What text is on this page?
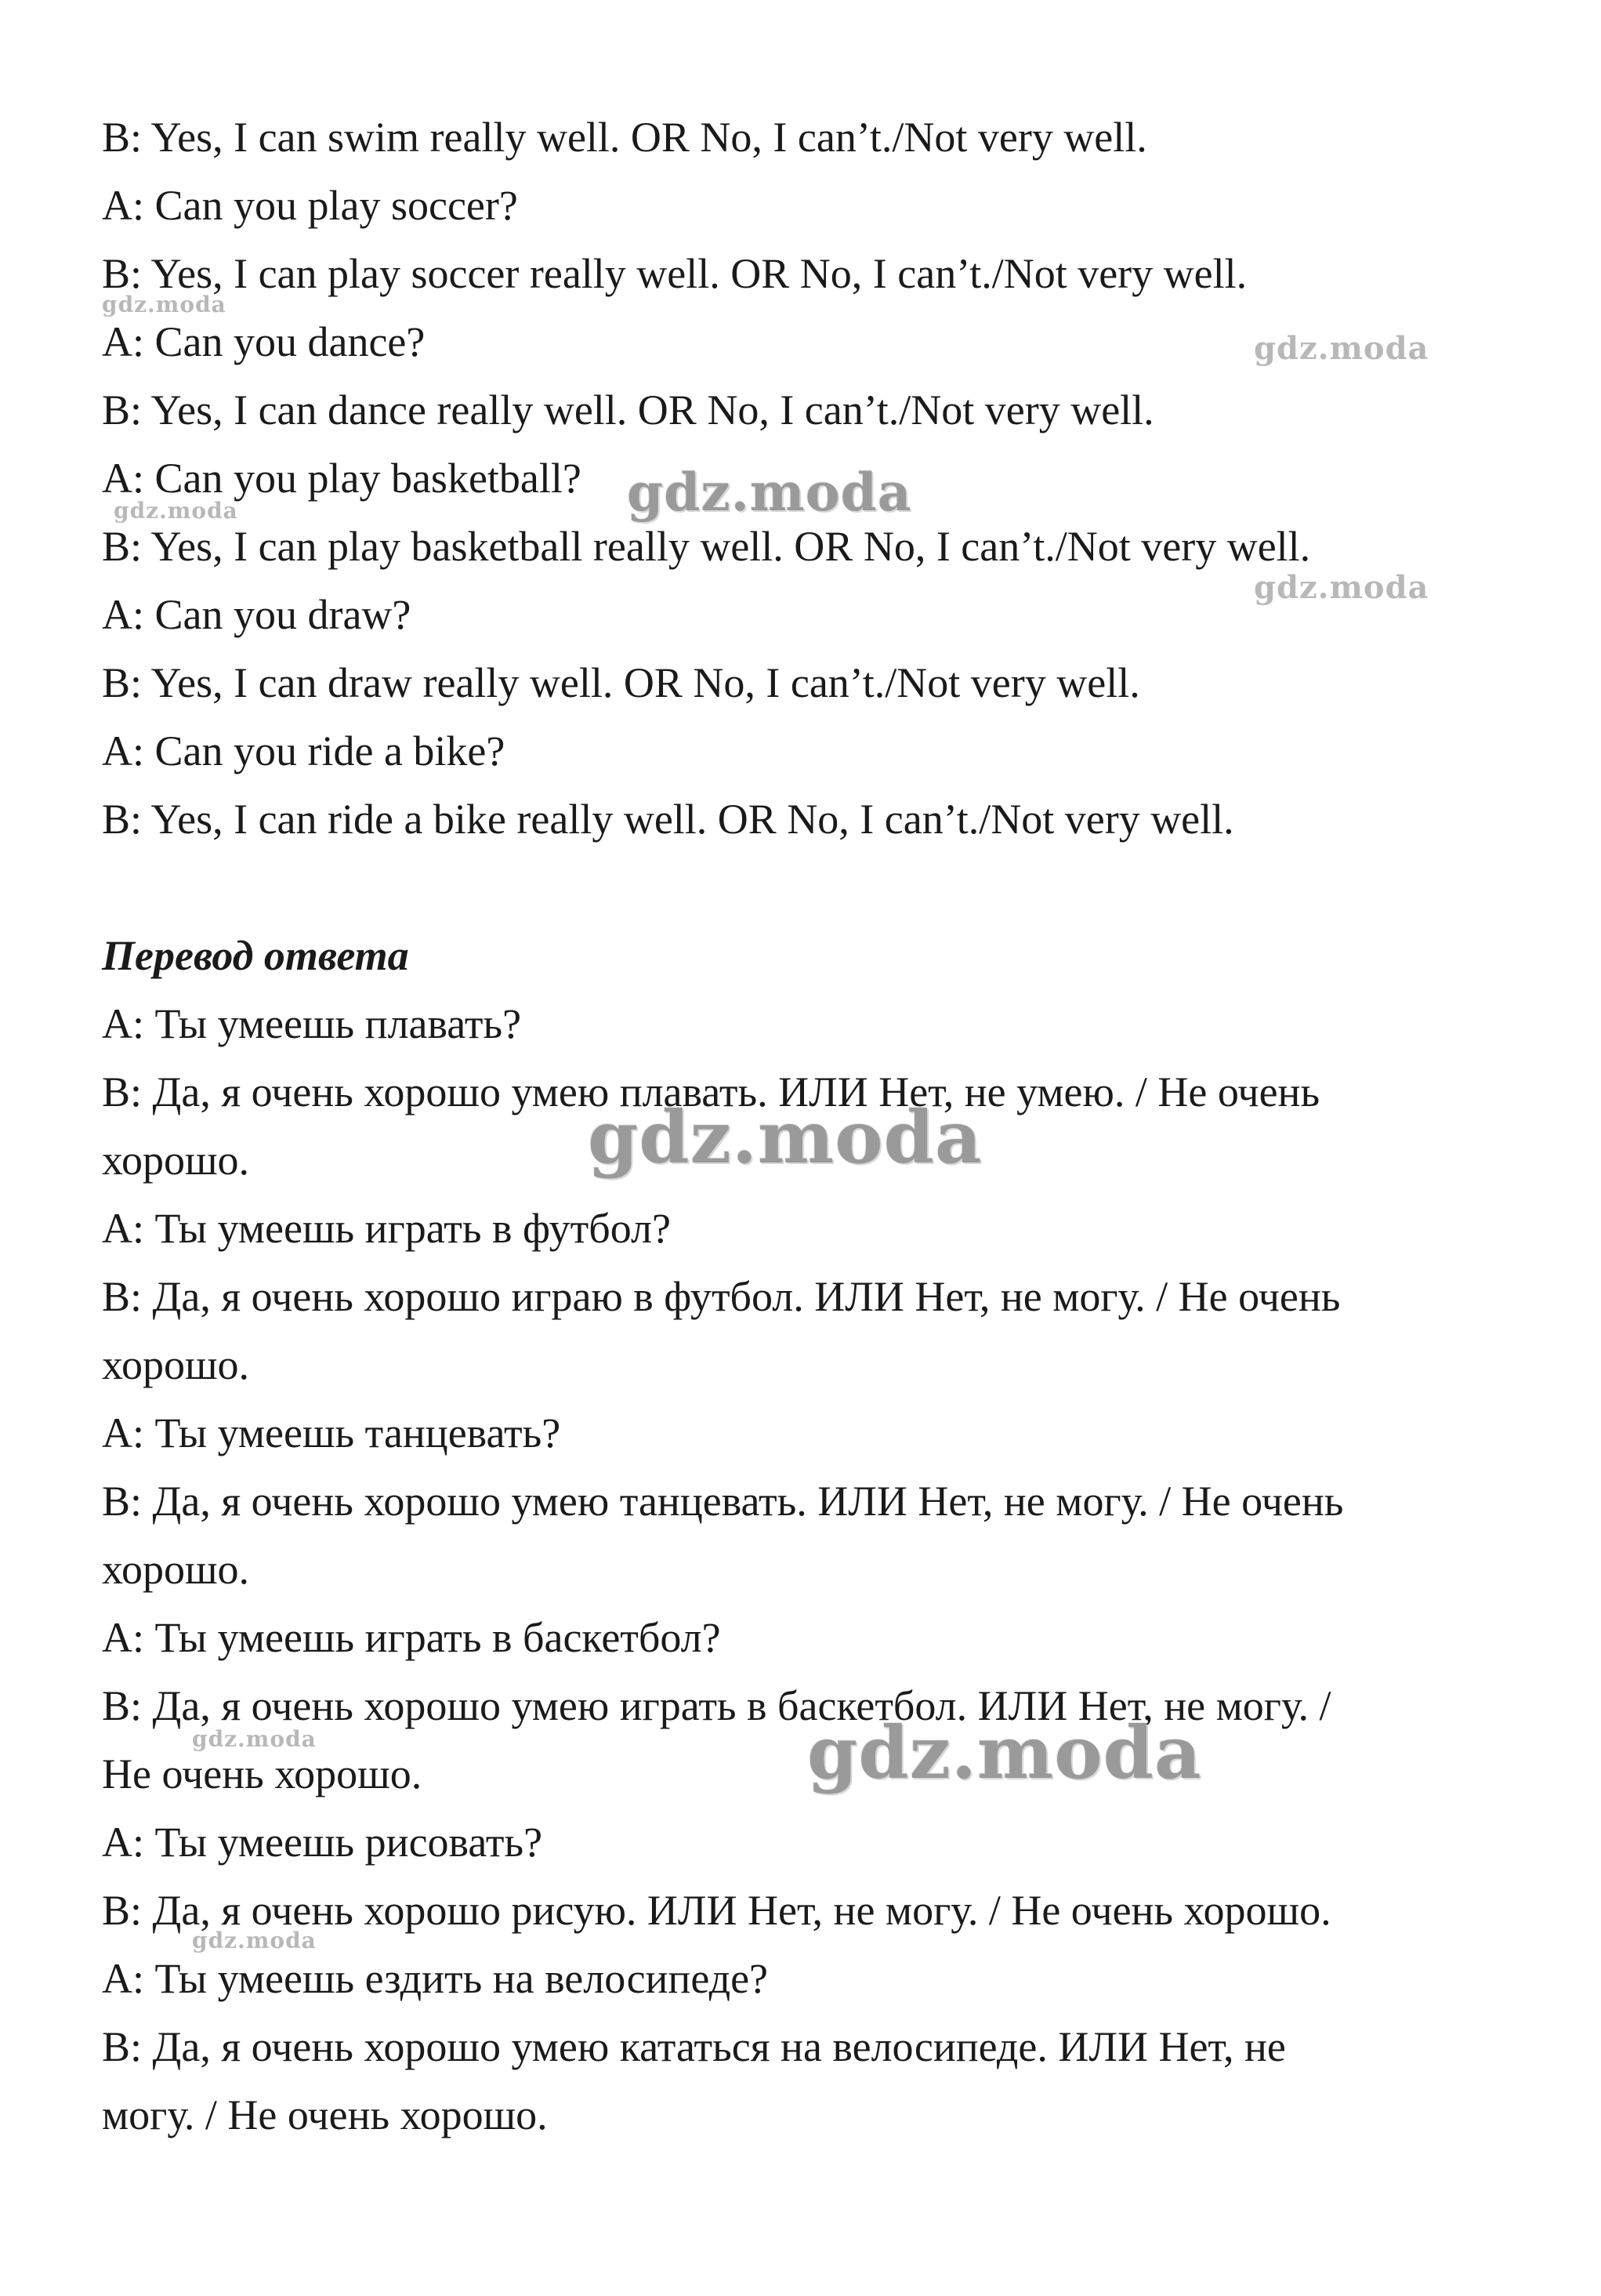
B: Yes, I can swim really well. OR No, I can’t./Not very well.
A: Can you play soccer?
B: Yes, I can play soccer really well. OR No, I can’t./Not very well.
A: Can you dance?
B: Yes, I can dance really well. OR No, I can’t./Not very well.
A: Can you play basketball?
B: Yes, I can play basketball really well. OR No, I can’t./Not very well.
A: Can you draw?
B: Yes, I can draw really well. OR No, I can’t./Not very well.
A: Can you ride a bike?
B: Yes, I can ride a bike really well. OR No, I can’t./Not very well.
Перевод ответа
A: Ты умеешь плавать?
B: Да, я очень хорошо умею плавать. ИЛИ Нет, не умею. / Не очень
хорошо.
A: Ты умеешь играть в футбол?
B: Да, я очень хорошо играю в футбол. ИЛИ Нет, не могу. / Не очень
хорошо.
A: Ты умеешь танцевать?
B: Да, я очень хорошо умею танцевать. ИЛИ Нет, не могу. / Не очень
хорошо.
A: Ты умеешь играть в баскетбол?
B: Да, я очень хорошо умею играть в баскетбол. ИЛИ Нет, не могу. /
Не очень хорошо.
A: Ты умеешь рисовать?
B: Да, я очень хорошо рисую. ИЛИ Нет, не могу. / Не очень хорошо.
A: Ты умеешь ездить на велосипеде?
B: Да, я очень хорошо умею кататься на велосипеде. ИЛИ Нет, не
могу. / Не очень хорошо.
gdz.moda
gdz.moda
gdz.moda
gdz.moda
gdz.moda
gdz.moda
gdz.moda	gdz.moda
gdz.moda
